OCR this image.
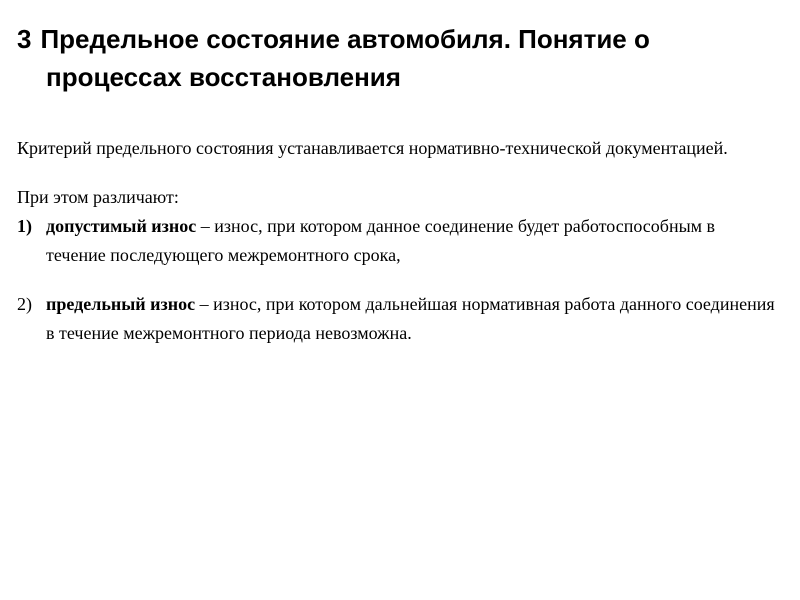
3 Предельное состояние автомобиля. Понятие о процессах восстановления

Критерий предельного состояния устанавливается нормативно-технической документацией.

При этом различают:

1) допустимый износ – износ, при котором данное соединение будет работоспособным в течение последующего межремонтного срока,

2) предельный износ – износ, при котором дальнейшая нормативная работа данного соединения в течение межремонтного периода невозможна.
